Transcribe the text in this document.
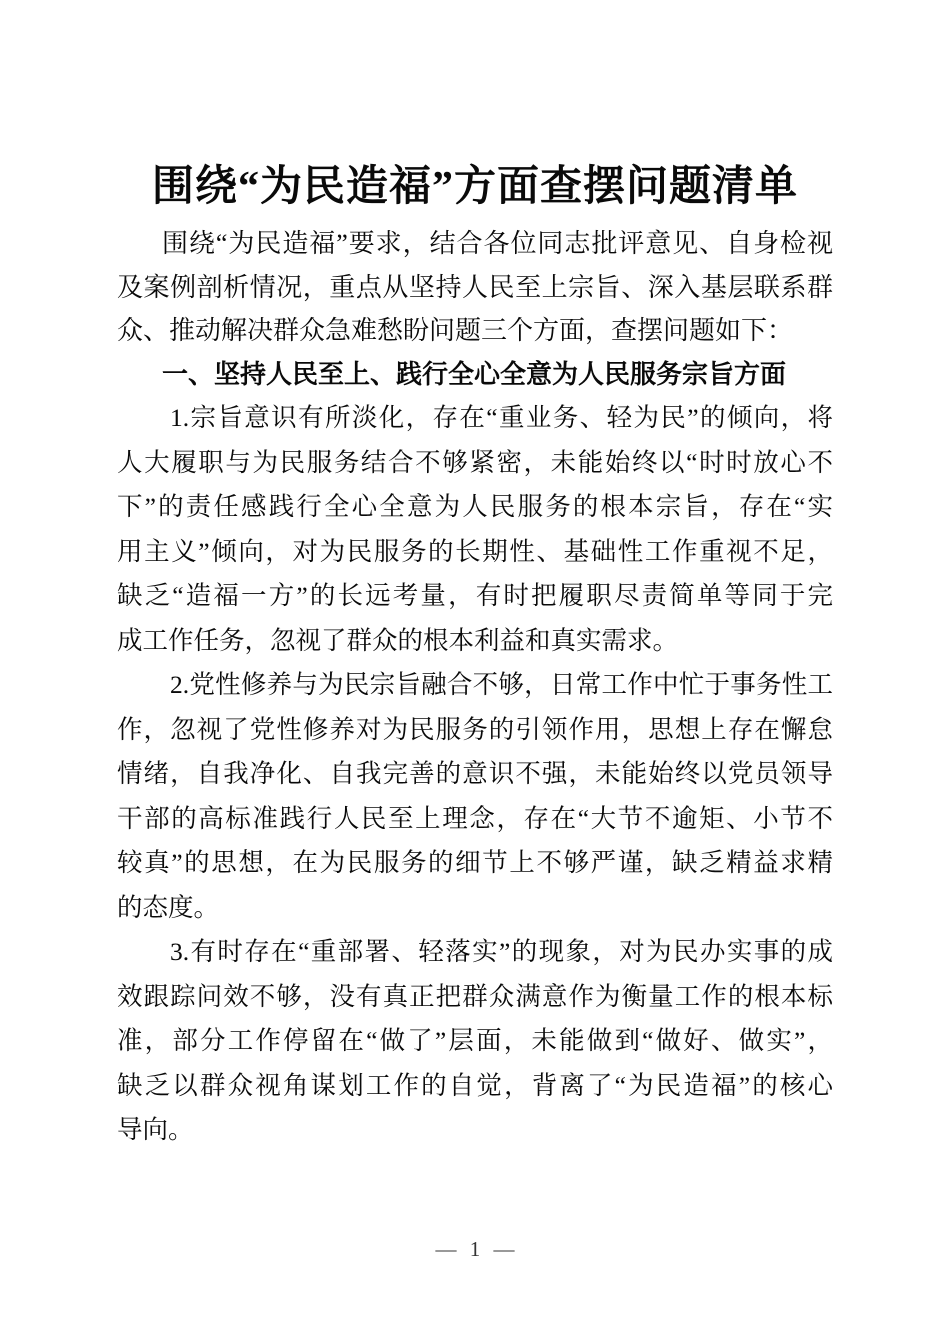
围绕“为民造福”方面查摆问题清单
围绕“为民造福”要求，结合各位同志批评意见、自身检视
及案例剖析情况，重点从坚持人民至上宗旨、深入基层联系群
众、推动解决群众急难愁盼问题三个方面，查摆问题如下：
一、坚持人民至上、践行全心全意为人民服务宗旨方面
1.宗旨意识有所淡化，存在“重业务、轻为民”的倾向，将
人大履职与为民服务结合不够紧密，未能始终以“时时放心不
下”的责任感践行全心全意为人民服务的根本宗旨，存在“实
用主义”倾向，对为民服务的长期性、基础性工作重视不足，
缺乏“造福一方”的长远考量，有时把履职尽责简单等同于完
成工作任务，忽视了群众的根本利益和真实需求。
2.党性修养与为民宗旨融合不够，日常工作中忙于事务性工
作，忽视了党性修养对为民服务的引领作用，思想上存在懈怠
情绪，自我净化、自我完善的意识不强，未能始终以党员领导
干部的高标准践行人民至上理念，存在“大节不逾矩、小节不
较真”的思想，在为民服务的细节上不够严谨，缺乏精益求精
的态度。
3.有时存在“重部署、轻落实”的现象，对为民办实事的成
效跟踪问效不够，没有真正把群众满意作为衡量工作的根本标
准，部分工作停留在“做了”层面，未能做到“做好、做实”，
缺乏以群众视角谋划工作的自觉，背离了“为民造福”的核心
导向。
— 1 —
